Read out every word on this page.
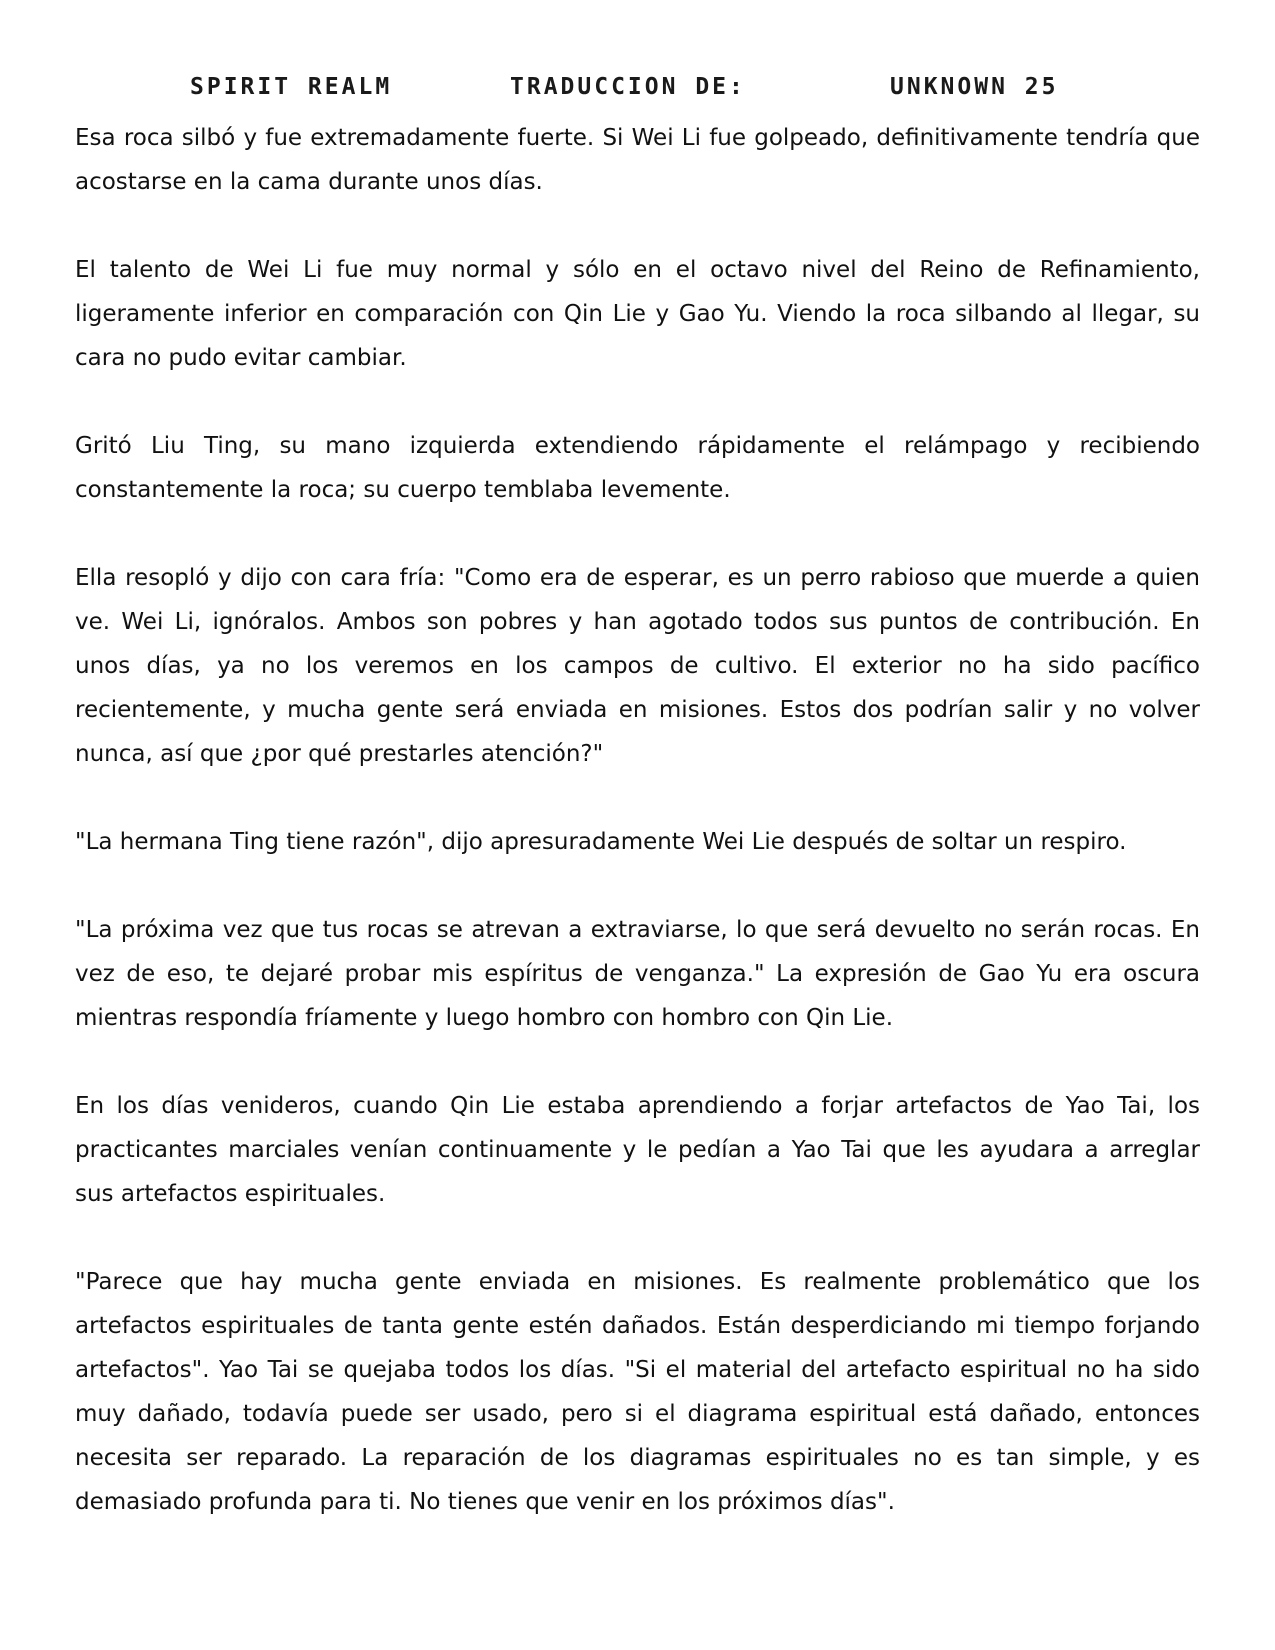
SPIRIT REALM	TRADUCCION DE:	UNKNOWN 25

Esa roca silbó y fue extremadamente fuerte. Si Wei Li fue golpeado, definitivamente tendría que acostarse en la cama durante unos días.

El talento de Wei Li fue muy normal y sólo en el octavo nivel del Reino de Refinamiento, ligeramente inferior en comparación con Qin Lie y Gao Yu. Viendo la roca silbando al llegar, su cara no pudo evitar cambiar.

Gritó Liu Ting, su mano izquierda extendiendo rápidamente el relámpago y recibiendo constantemente la roca; su cuerpo temblaba levemente.

Ella resopló y dijo con cara fría: "Como era de esperar, es un perro rabioso que muerde a quien ve. Wei Li, ignóralos. Ambos son pobres y han agotado todos sus puntos de contribución. En unos días, ya no los veremos en los campos de cultivo. El exterior no ha sido pacífico recientemente, y mucha gente será enviada en misiones. Estos dos podrían salir y no volver nunca, así que ¿por qué prestarles atención?"

"La hermana Ting tiene razón", dijo apresuradamente Wei Lie después de soltar un respiro.

"La próxima vez que tus rocas se atrevan a extraviarse, lo que será devuelto no serán rocas. En vez de eso, te dejaré probar mis espíritus de venganza." La expresión de Gao Yu era oscura mientras respondía fríamente y luego hombro con hombro con Qin Lie.

En los días venideros, cuando Qin Lie estaba aprendiendo a forjar artefactos de Yao Tai, los practicantes marciales venían continuamente y le pedían a Yao Tai que les ayudara a arreglar sus artefactos espirituales.

"Parece que hay mucha gente enviada en misiones. Es realmente problemático que los artefactos espirituales de tanta gente estén dañados. Están desperdiciando mi tiempo forjando artefactos". Yao Tai se quejaba todos los días. "Si el material del artefacto espiritual no ha sido muy dañado, todavía puede ser usado, pero si el diagrama espiritual está dañado, entonces necesita ser reparado. La reparación de los diagramas espirituales no es tan simple, y es demasiado profunda para ti. No tienes que venir en los próximos días".
